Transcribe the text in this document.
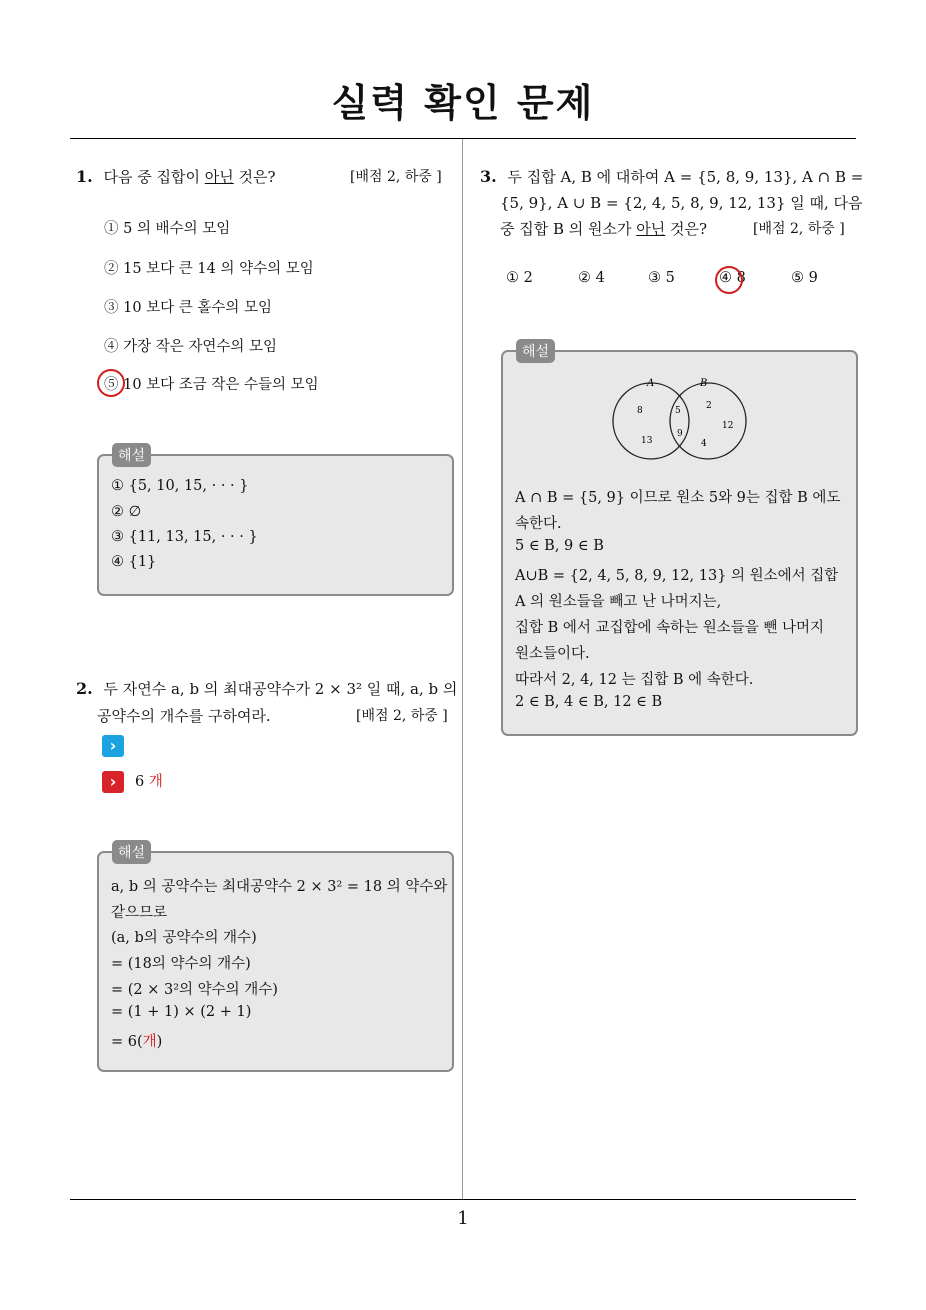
실력 확인 문제
1. 다음 중 집합이 아닌 것은?	[배점 2, 하중 ]
① 5 의 배수의 모임
② 15 보다 큰 14 의 약수의 모임
③ 10 보다 큰 홀수의 모임
④ 가장 작은 자연수의 모임
⑤ 10 보다 조금 작은 수들의 모임
① {5, 10, 15, · · · }
② ∅
③ {11, 13, 15, · · · }
④ {1}
해설
2. 두 자연수 a, b 의 최대공약수가 2 × 3² 일 때, a, b 의
공약수의 개수를 구하여라.	[배점 2, 하중 ]
›
›	6 개
a, b 의 공약수는 최대공약수 2 × 3² = 18 의 약수와
같으므로
(a, b의 공약수의 개수)
= (18의 약수의 개수)
= (2 × 3²의 약수의 개수)
= (1 + 1) × (2 + 1)
= 6(개)
해설
3. 두 집합 A, B 에 대하여 A = {5, 8, 9, 13}, A ∩ B =
{5, 9}, A ∪ B = {2, 4, 5, 8, 9, 12, 13} 일 때, 다음
중 집합 B 의 원소가 아닌 것은?	[배점 2, 하중 ]
① 2	② 4	③ 5	④ 8	⑤ 9
A	B
8
13
5
9
2
12
4
A ∩ B = {5, 9} 이므로 원소 5와 9는 집합 B 에도
속한다.
5 ∈ B, 9 ∈ B
A∪B = {2, 4, 5, 8, 9, 12, 13} 의 원소에서 집합
A 의 원소들을 빼고 난 나머지는,
집합 B 에서 교집합에 속하는 원소들을 뺀 나머지
원소들이다.
따라서 2, 4, 12 는 집합 B 에 속한다.
2 ∈ B, 4 ∈ B, 12 ∈ B
해설
1
